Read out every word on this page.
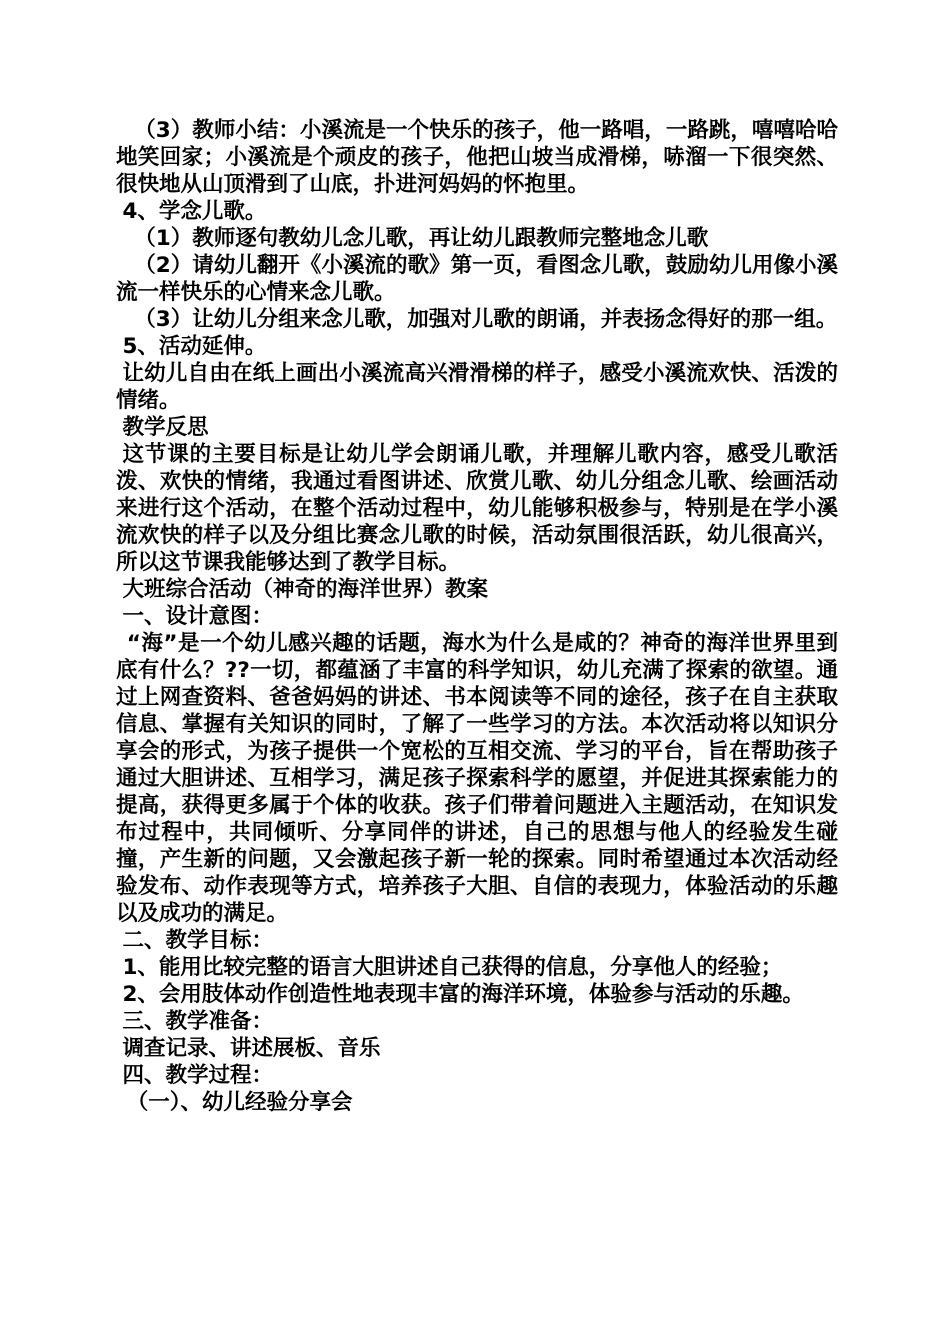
（3）教师小结：小溪流是一个快乐的孩子，他一路唱，一路跳，嘻嘻哈哈地笑回家；小溪流是个顽皮的孩子，他把山坡当成滑梯，哧溜一下很突然、很快地从山顶滑到了山底，扑进河妈妈的怀抱里。

4、学念儿歌。

（1）教师逐句教幼儿念儿歌，再让幼儿跟教师完整地念儿歌

（2）请幼儿翻开《小溪流的歌》第一页，看图念儿歌，鼓励幼儿用像小溪流一样快乐的心情来念儿歌。

（3）让幼儿分组来念儿歌，加强对儿歌的朗诵，并表扬念得好的那一组。

5、活动延伸。

让幼儿自由在纸上画出小溪流高兴滑滑梯的样子，感受小溪流欢快、活泼的情绪。

教学反思

这节课的主要目标是让幼儿学会朗诵儿歌，并理解儿歌内容，感受儿歌活泼、欢快的情绪，我通过看图讲述、欣赏儿歌、幼儿分组念儿歌、绘画活动来进行这个活动，在整个活动过程中，幼儿能够积极参与，特别是在学小溪流欢快的样子以及分组比赛念儿歌的时候，活动氛围很活跃，幼儿很高兴，所以这节课我能够达到了教学目标。

大班综合活动（神奇的海洋世界）教案

一、设计意图：

“海”是一个幼儿感兴趣的话题，海水为什么是咸的？神奇的海洋世界里到底有什么？??一切，都蕴涵了丰富的科学知识，幼儿充满了探索的欲望。通过上网查资料、爸爸妈妈的讲述、书本阅读等不同的途径，孩子在自主获取信息、掌握有关知识的同时，了解了一些学习的方法。本次活动将以知识分享会的形式，为孩子提供一个宽松的互相交流、学习的平台，旨在帮助孩子通过大胆讲述、互相学习，满足孩子探索科学的愿望，并促进其探索能力的提高，获得更多属于个体的收获。孩子们带着问题进入主题活动，在知识发布过程中，共同倾听、分享同伴的讲述，自己的思想与他人的经验发生碰撞，产生新的问题，又会激起孩子新一轮的探索。同时希望通过本次活动经验发布、动作表现等方式，培养孩子大胆、自信的表现力，体验活动的乐趣以及成功的满足。

二、教学目标：

1、能用比较完整的语言大胆讲述自己获得的信息，分享他人的经验；

2、会用肢体动作创造性地表现丰富的海洋环境，体验参与活动的乐趣。

三、教学准备：

调查记录、讲述展板、音乐

四、教学过程：

（一）、幼儿经验分享会
